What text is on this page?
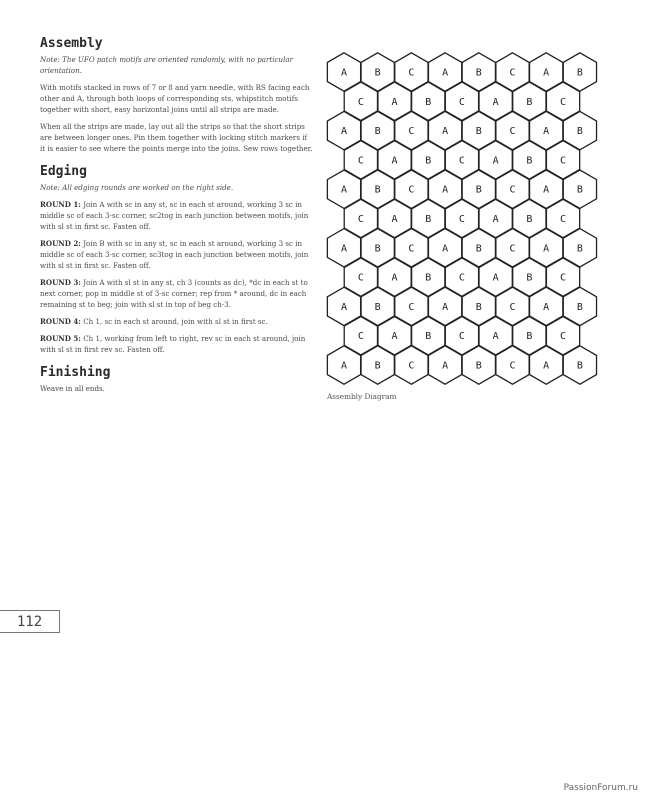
Assembly

Note: The UFO patch motifs are oriented randomly, with no particular orientation.

With motifs stacked in rows of 7 or 8 and yarn needle, with RS facing each other and A, through both loops of corresponding sts, whipstitch motifs together with short, easy horizontal joins until all strips are made.

When all the strips are made, lay out all the strips so that the short strips are between longer ones. Pin them together with locking stitch markers if it is easier to see where the points merge into the joins. Sew rows together.

Edging

Note: All edging rounds are worked on the right side.

ROUND 1: Join A with sc in any st, sc in each st around, working 3 sc in middle sc of each 3-sc corner, sc2tog in each junction between motifs, join with sl st in first sc. Fasten off.

ROUND 2: Join B with sc in any st, sc in each st around, working 3 sc in middle sc of each 3-sc corner, sc3tog in each junction between motifs, join with sl st in first sc. Fasten off.

ROUND 3: Join A with sl st in any st, ch 3 (counts as dc), *dc in each st to next corner, pop in middle st of 3-sc corner; rep from * around, dc in each remaining st to beg; join with sl st in top of beg ch-3.

ROUND 4: Ch 1, sc in each st around, join with sl st in first sc.

ROUND 5: Ch 1, working from left to right, rev sc in each st around, join with sl st in first rev sc. Fasten off.

Finishing

Weave in all ends.

A	B	C	A	B	C	A	B
C	A	B	C	A	B	C
A	B	C	A	B	C	A	B
C	A	B	C	A	B	C
A	B	C	A	B	C	A	B
C	A	B	C	A	B	C
A	B	C	A	B	C	A	B
C	A	B	C	A	B	C
A	B	C	A	B	C	A	B
C	A	B	C	A	B	C
A	B	C	A	B	C	A	B
Assembly Diagram
112
PassionForum.ru
